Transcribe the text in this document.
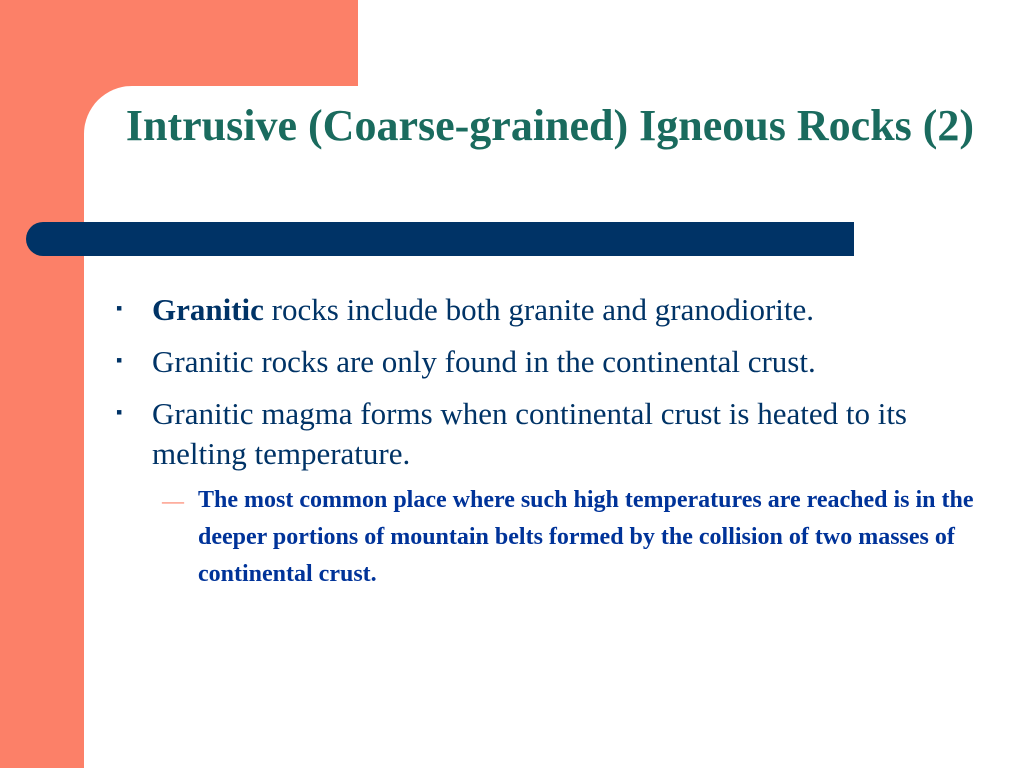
Intrusive (Coarse-grained) Igneous Rocks (2)
▪ Granitic rocks include both granite and granodiorite.
▪ Granitic rocks are only found in the continental crust.
▪ Granitic magma forms when continental crust is heated to its melting temperature.
— The most common place where such high temperatures are reached is in the deeper portions of mountain belts formed by the collision of two masses of continental crust.
